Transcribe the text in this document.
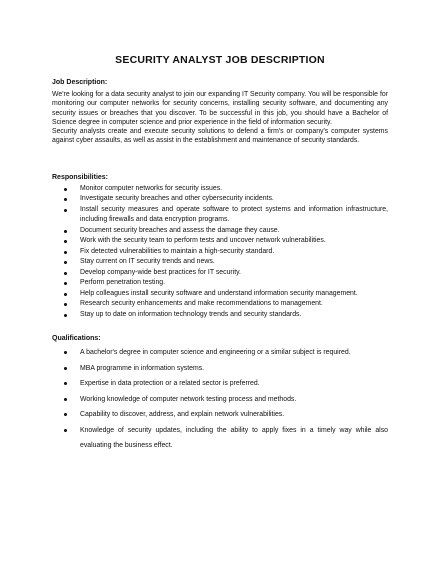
SECURITY ANALYST JOB DESCRIPTION

Job Description:

We're looking for a data security analyst to join our expanding IT Security company. You will be responsible for monitoring our computer networks for security concerns, installing security software, and documenting any security issues or breaches that you discover. To be successful in this job, you should have a Bachelor of Science degree in computer science and prior experience in the field of information security.

Security analysts create and execute security solutions to defend a firm's or company's computer systems against cyber assaults, as well as assist in the establishment and maintenance of security standards.

Responsibilities:

Monitor computer networks for security issues.
Investigate security breaches and other cybersecurity incidents.
Install security measures and operate software to protect systems and information infrastructure, including firewalls and data encryption programs.
Document security breaches and assess the damage they cause.
Work with the security team to perform tests and uncover network vulnerabilities.
Fix detected vulnerabilities to maintain a high-security standard.
Stay current on IT security trends and news.
Develop company-wide best practices for IT security.
Perform penetration testing.
Help colleagues install security software and understand information security management.
Research security enhancements and make recommendations to management.
Stay up to date on information technology trends and security standards.

Qualifications:

A bachelor's degree in computer science and engineering or a similar subject is required.
MBA programme in information systems.
Expertise in data protection or a related sector is preferred.
Working knowledge of computer network testing process and methods.
Capability to discover, address, and explain network vulnerabilities.
Knowledge of security updates, including the ability to apply fixes in a timely way while also evaluating the business effect.
